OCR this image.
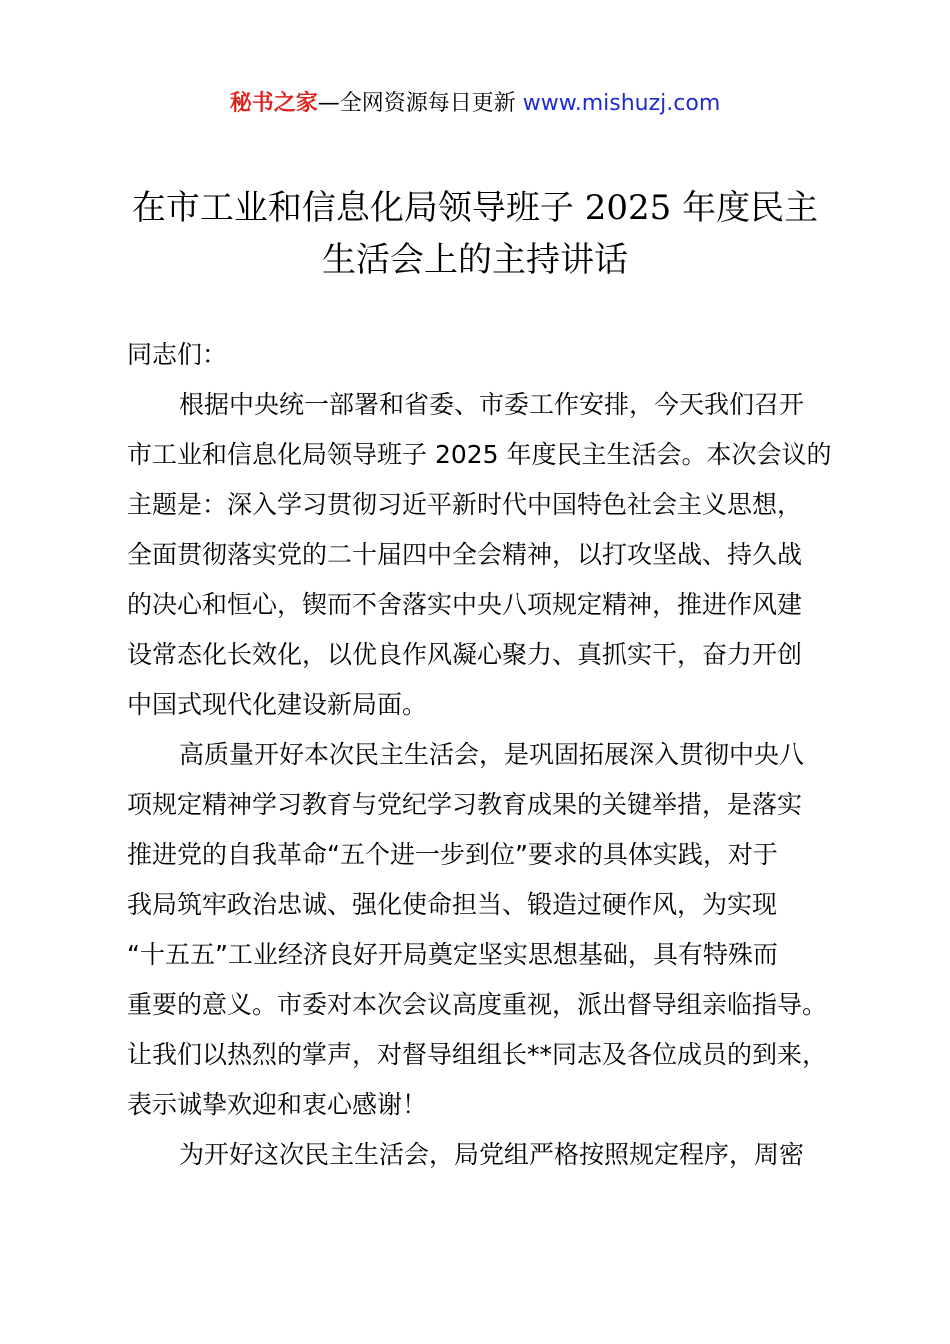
秘书之家—全网资源每日更新 www.mishuzj.com
在市工业和信息化局领导班子 2025 年度民主
生活会上的主持讲话
同志们：
根据中央统一部署和省委、市委工作安排，今天我们召开
市工业和信息化局领导班子 2025 年度民主生活会。本次会议的
主题是：深入学习贯彻习近平新时代中国特色社会主义思想，
全面贯彻落实党的二十届四中全会精神，以打攻坚战、持久战
的决心和恒心，锲而不舍落实中央八项规定精神，推进作风建
设常态化长效化，以优良作风凝心聚力、真抓实干，奋力开创
中国式现代化建设新局面。
高质量开好本次民主生活会，是巩固拓展深入贯彻中央八
项规定精神学习教育与党纪学习教育成果的关键举措，是落实
推进党的自我革命“五个进一步到位”要求的具体实践，对于
我局筑牢政治忠诚、强化使命担当、锻造过硬作风，为实现
“十五五”工业经济良好开局奠定坚实思想基础，具有特殊而
重要的意义。市委对本次会议高度重视，派出督导组亲临指导。
让我们以热烈的掌声，对督导组组长**同志及各位成员的到来，
表示诚挚欢迎和衷心感谢！
为开好这次民主生活会，局党组严格按照规定程序，周密
